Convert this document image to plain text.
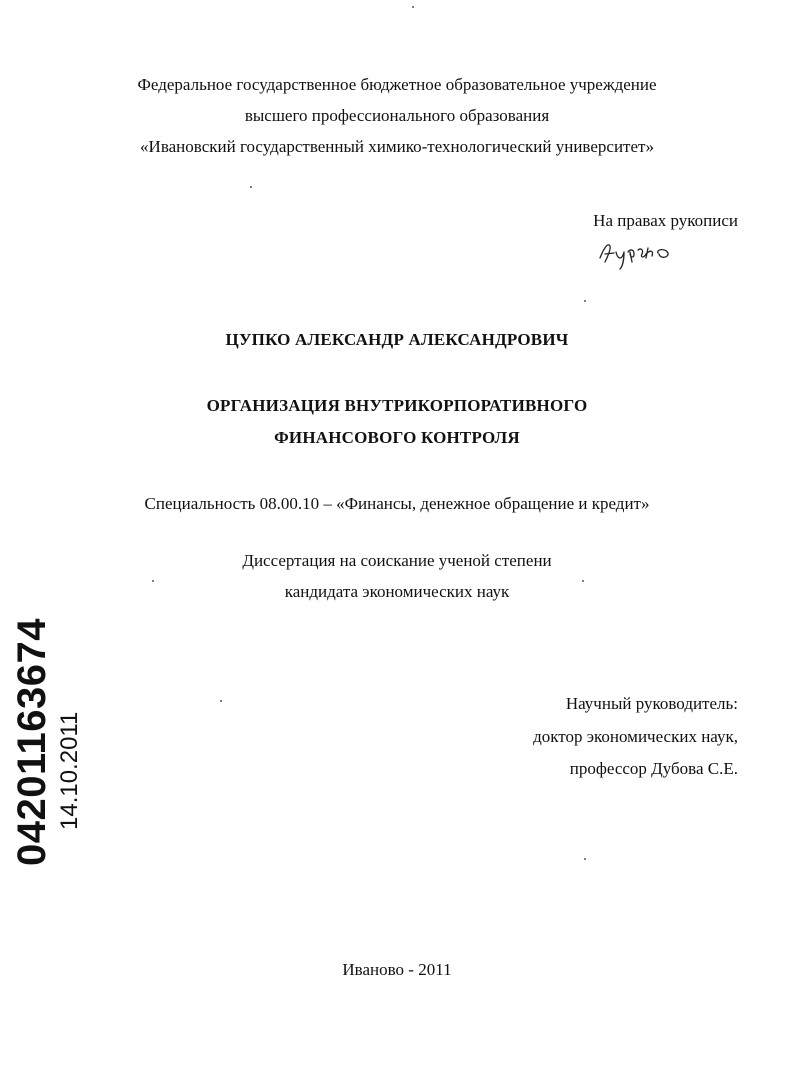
Федеральное государственное бюджетное образовательное учреждение
высшего профессионального образования
«Ивановский государственный химико-технологический университет»
На правах рукописи
ЦУПКО АЛЕКСАНДР АЛЕКСАНДРОВИЧ
ОРГАНИЗАЦИЯ ВНУТРИКОРПОРАТИВНОГО
ФИНАНСОВОГО КОНТРОЛЯ
Специальность 08.00.10 – «Финансы, денежное обращение и кредит»
Диссертация на соискание ученой степени
кандидата экономических наук
Научный руководитель:
доктор экономических наук,
профессор Дубова С.Е.
Иваново - 2011
04201163674 14.10.2011
